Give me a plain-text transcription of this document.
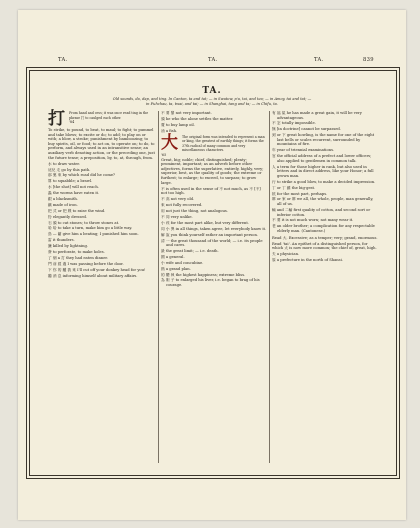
TA.	TA.	TA.	839
TA.
Old sounds, da, dap, and ting. In Canton, ta and tat; — in Swatow, p'a, tai, and tea; — in Amoy, tai and tat; —
in Fuhchau, ta, twai, and tai; — in Shanghai, tang and ta; — in Chifu, ta.
打 From hand and cess; it was once read ting in the phrase 打 to caulged each other.
'84

To strike, to pound, to beat, to maul; to fight; to pummel and take blows; to excite or do; to add; to play on or with; a blow, a stroke; punishment by bamboozing; to buy spirits, oil, or food; to act on, to operate on; to do, to perform, and always used in an intransitive sense; an auxiliary verb denoting action, or the preceding one, just the future tense; a preposition, by, to, at, through, from.

水 to draw water.

這兒 走 go by this path.

那 裏 來 by which road did he come?

算 to squabble; a brawl.

水 [the shot] will not reach.

蟲 the worms have eaten it.

銀 a blacksmith.

鐵 made of iron.

把 式 or 把 戲 to raise the wind.

扮 elegantly dressed.

石 頭 to cut stones; to throw stones at.

哈 哈 to take a turn, make him go a little way.

鳥 — 鎗 give him a beating; I punished him soon.

雷 it thunders.

獵 killed by lightning.

發 to perforate, to make holes.

了 個 a 打 they had eaten dinner.

門 前 經 過 I was passing before the door.

下 你 的 驢 我 來 I'll cut off your donkey head for you!

聽 消 息 informing himself about military affairs.

不 要 緊 not very important.

頭 he who the alone settles the matter.

賣 to buy lamp oil.

油 a fish.

大 The original form was intended to represent a man or king, the greatest of earthly things; it forms the 37th radical of many common and very miscellaneous characters.
'65

Great, big; noble; chief, distinguished; plenty; prominent, important; as an adverb before other adjectives, forms the superlative, entirely, highly, very; superior, best, as the quality of goods; the extreme or furthest; to enlarge; to exceed, to surpass; to grow large.

不 is often used in the sense of 不 not much, as 不 [不] not too high.

不 高 not very old.

來 not fully recovered.

用 not just the thing, not analogous.

不 同 very unlike.

小 孩 for the most part alike, but very different.

同 小 異 in all things, taken agree, let everybody know it.

解 說 you think yourself rather an important person.

清 一 the great thousand of the world; — i.e. its people and cares.

最 the great limit; — i.e. death.

國 a general.

小 wife and concubine.

熱 a grand plan.

的 體 執 the highest happiness; extreme bliss.

為 胆 子 to enlarged his liver, i.e. began to brag of his courage.

有 福 氣 he has made a great gain, it will be very advantageous.

不 怎 totally impossible.

無 [in doctrine] cannot be surpassed.

到 or 下 great howling, is the name for one of the eight last bells or scales recurrent, surrounded by mountains of fire.

年 year of triennial examinations.

官 the official address of a prefect and lower officers; also applied to gentlemen in common talk.

人 a term for those higher in rank, but also used in letters and in direct address, like your Honor; a full grown man.

行 to strike a good blow, to make a decided impression.

丁 or 丁 雖 the big-gest.

抵 for the most part, perhaps.

夥 or 家 or 夥 we all, the whole, people, man generally, all of us.

輸 and 二輸 first quality of cotton, and second sort or inferior cotton.

不 要 it is not much worn; not many wear it.

老 an older brother; a complication for any respectable elderly man. (Cantonese.)

Read 大. Excessive; as a temper; very; grand, enormous.

Read 'tai'. An epithet of a distinguished person, for which 太 is now more common; the chief of, great, high.

夫 a physician.

原 a prefecture in the north of Shansi.
